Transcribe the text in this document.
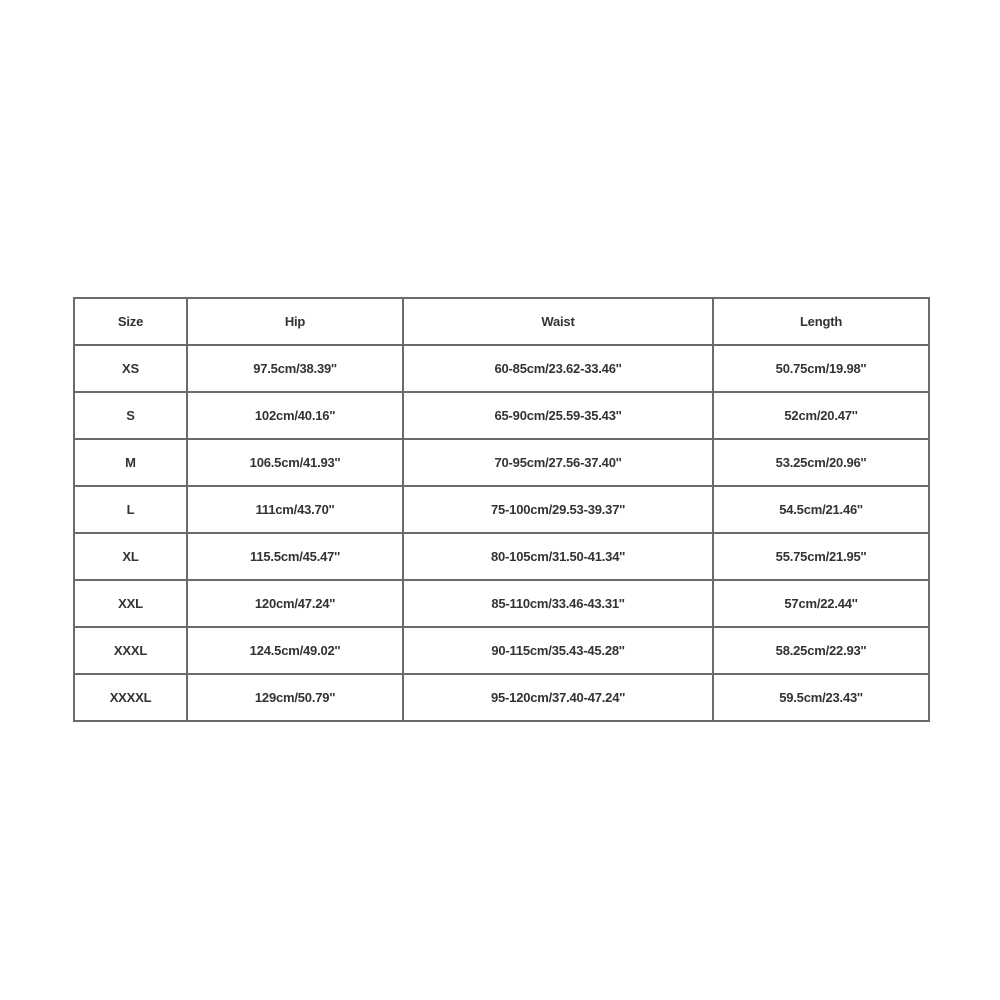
Size	Hip	Waist	Length
XS	97.5cm/38.39''	60-85cm/23.62-33.46''	50.75cm/19.98''
S	102cm/40.16''	65-90cm/25.59-35.43''	52cm/20.47''
M	106.5cm/41.93''	70-95cm/27.56-37.40''	53.25cm/20.96''
L	111cm/43.70''	75-100cm/29.53-39.37''	54.5cm/21.46''
XL	115.5cm/45.47''	80-105cm/31.50-41.34''	55.75cm/21.95''
XXL	120cm/47.24''	85-110cm/33.46-43.31''	57cm/22.44''
XXXL	124.5cm/49.02''	90-115cm/35.43-45.28''	58.25cm/22.93''
XXXXL	129cm/50.79''	95-120cm/37.40-47.24''	59.5cm/23.43''
